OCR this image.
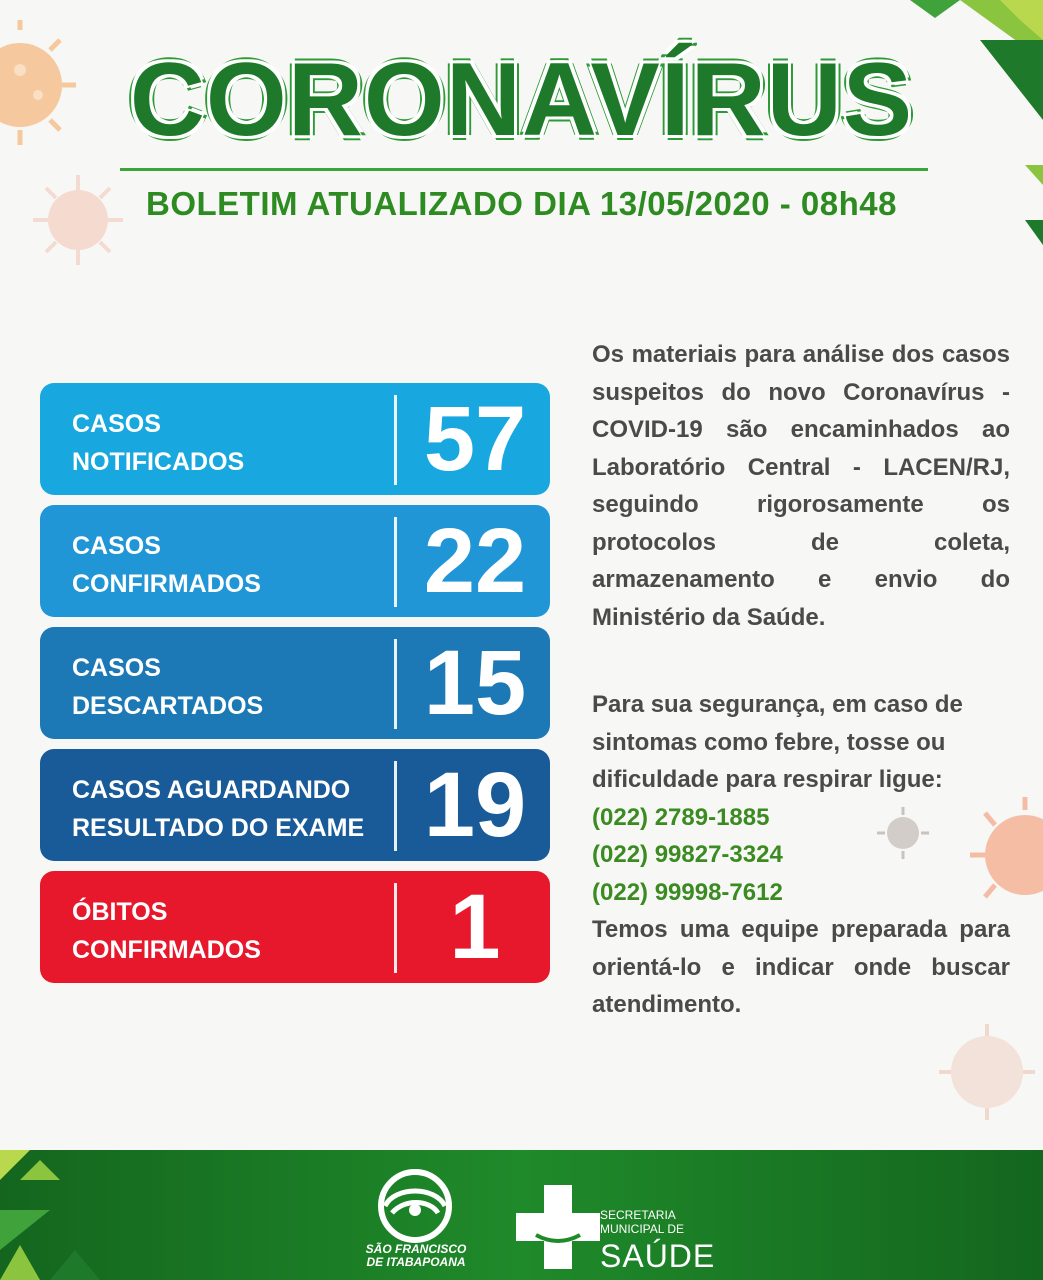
CORONAVÍRUS
BOLETIM ATUALIZADO DIA 13/05/2020 - 08h48
CASOS
NOTIFICADOS	57
CASOS
CONFIRMADOS	22
CASOS
DESCARTADOS	15
CASOS AGUARDANDO
RESULTADO DO EXAME 19
ÓBITOS
CONFIRMADOS	1
Os materiais para análise dos casos suspeitos do novo Coronavírus - COVID-19 são encaminhados ao Laboratório Central - LACEN/RJ, seguindo rigorosamente os protocolos de coleta, armazenamento e envio do Ministério da Saúde.
Para sua segurança, em caso de sintomas como febre, tosse ou dificuldade para respirar ligue:
(022) 2789-1885
(022) 99827-3324
(022) 99998-7612
Temos uma equipe preparada para orientá-lo e indicar onde buscar atendimento.
SÃO FRANCISCO
DE ITABAPOANA
SECRETARIA
MUNICIPAL DE
SAÚDE
